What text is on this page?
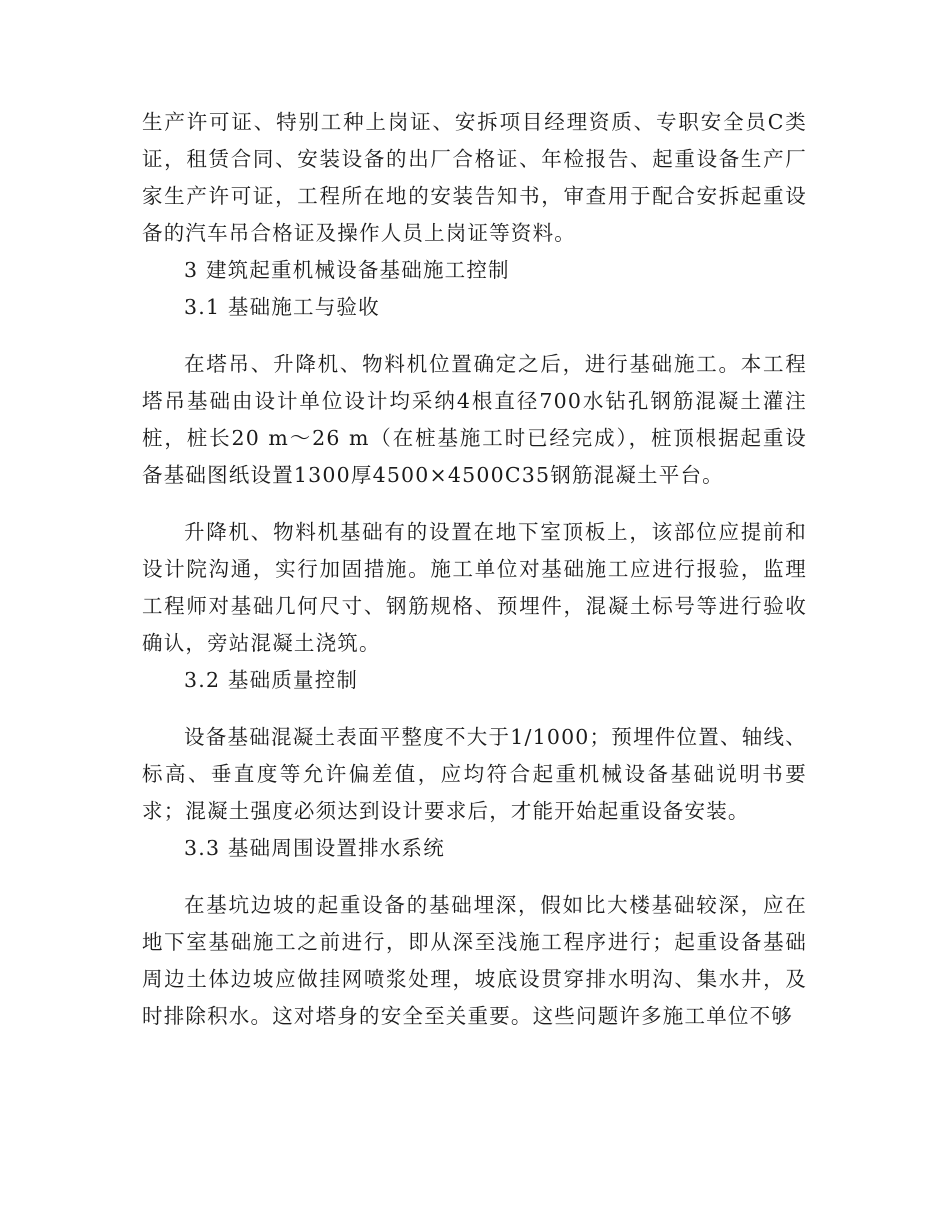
生产许可证、特别工种上岗证、安拆项目经理资质、专职安全员C类证，租赁合同、安装设备的出厂合格证、年检报告、起重设备生产厂家生产许可证，工程所在地的安装告知书，审查用于配合安拆起重设备的汽车吊合格证及操作人员上岗证等资料。

3 建筑起重机械设备基础施工控制

3.1 基础施工与验收

在塔吊、升降机、物料机位置确定之后，进行基础施工。本工程塔吊基础由设计单位设计均采纳4根直径700水钻孔钢筋混凝土灌注桩，桩长20 m～26 m（在桩基施工时已经完成），桩顶根据起重设备基础图纸设置1300厚4500×4500C35钢筋混凝土平台。

升降机、物料机基础有的设置在地下室顶板上，该部位应提前和设计院沟通，实行加固措施。施工单位对基础施工应进行报验，监理工程师对基础几何尺寸、钢筋规格、预埋件，混凝土标号等进行验收确认，旁站混凝土浇筑。

3.2 基础质量控制

设备基础混凝土表面平整度不大于1/1000；预埋件位置、轴线、标高、垂直度等允许偏差值，应均符合起重机械设备基础说明书要求；混凝土强度必须达到设计要求后，才能开始起重设备安装。

3.3 基础周围设置排水系统

在基坑边坡的起重设备的基础埋深，假如比大楼基础较深，应在地下室基础施工之前进行，即从深至浅施工程序进行；起重设备基础周边土体边坡应做挂网喷浆处理，坡底设贯穿排水明沟、集水井，及时排除积水。这对塔身的安全至关重要。这些问题许多施工单位不够
